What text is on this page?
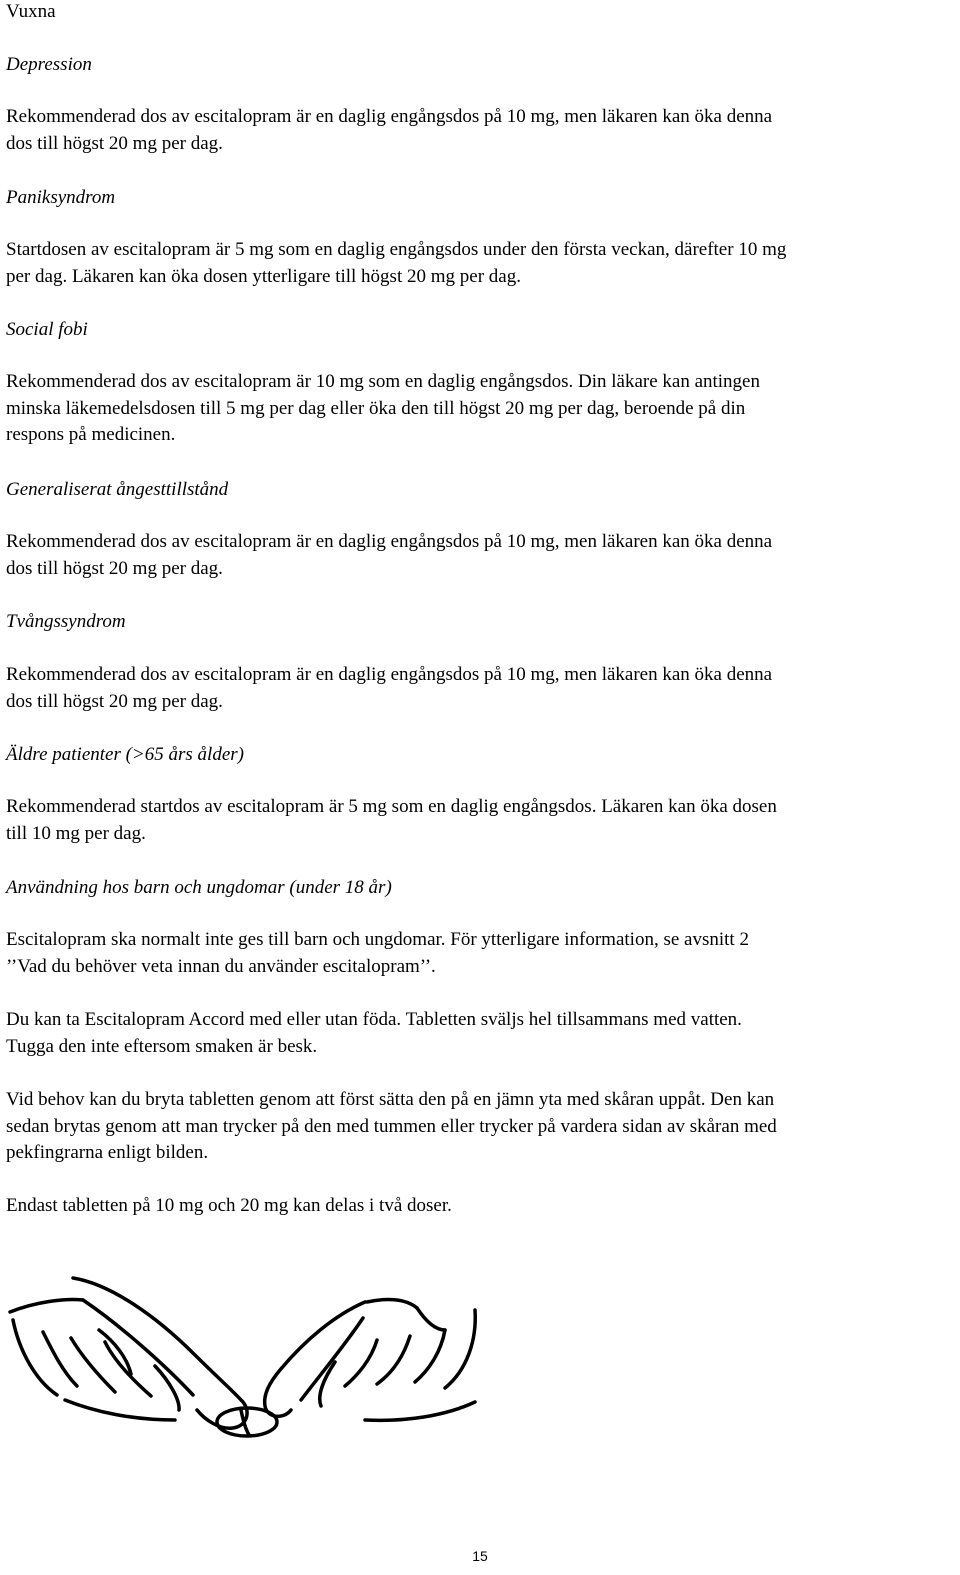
Vuxna
Depression
Rekommenderad dos av escitalopram är en daglig engångsdos på 10 mg, men läkaren kan öka denna
dos till högst 20 mg per dag.
Paniksyndrom
Startdosen av escitalopram är 5 mg som en daglig engångsdos under den första veckan, därefter 10 mg
per dag. Läkaren kan öka dosen ytterligare till högst 20 mg per dag.
Social fobi
Rekommenderad dos av escitalopram är 10 mg som en daglig engångsdos. Din läkare kan antingen
minska läkemedelsdosen till 5 mg per dag eller öka den till högst 20 mg per dag, beroende på din
respons på medicinen.
Generaliserat ångesttillstånd
Rekommenderad dos av escitalopram är en daglig engångsdos på 10 mg, men läkaren kan öka denna
dos till högst 20 mg per dag.
Tvångssyndrom
Rekommenderad dos av escitalopram är en daglig engångsdos på 10 mg, men läkaren kan öka denna
dos till högst 20 mg per dag.
Äldre patienter (>65 års ålder)
Rekommenderad startdos av escitalopram är 5 mg som en daglig engångsdos. Läkaren kan öka dosen
till 10 mg per dag.
Användning hos barn och ungdomar (under 18 år)
Escitalopram ska normalt inte ges till barn och ungdomar. För ytterligare information, se avsnitt 2
’’Vad du behöver veta innan du använder escitalopram’’.
Du kan ta Escitalopram Accord med eller utan föda. Tabletten sväljs hel tillsammans med vatten.
Tugga den inte eftersom smaken är besk.
Vid behov kan du bryta tabletten genom att först sätta den på en jämn yta med skåran uppåt. Den kan
sedan brytas genom att man trycker på den med tummen eller trycker på vardera sidan av skåran med
pekfingrarna enligt bilden.
Endast tabletten på 10 mg och 20 mg kan delas i två doser.
15
